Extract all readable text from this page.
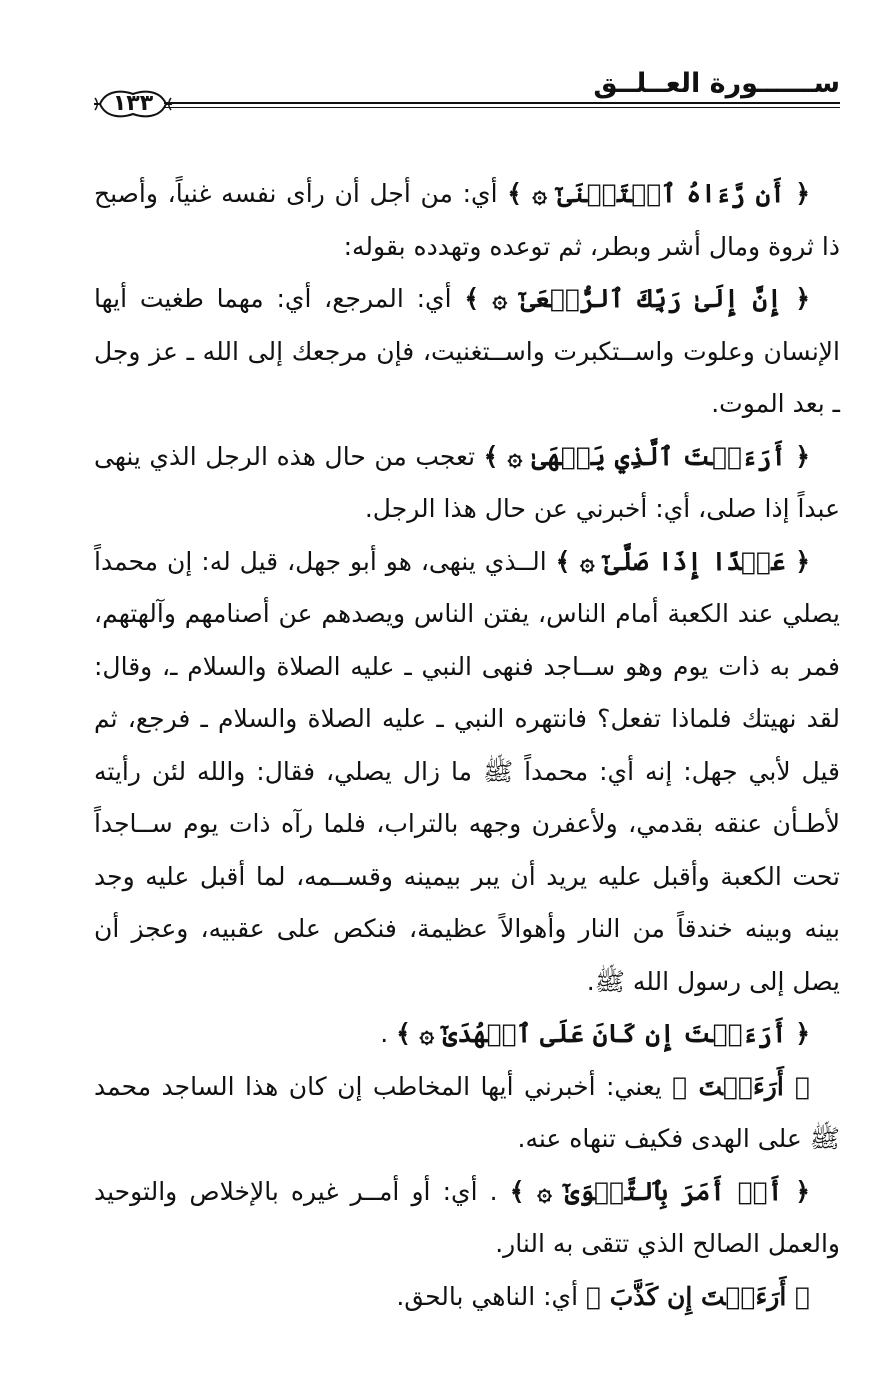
١٣٣
ســــــورة العــلــق

﴿ أَن رَّءَاهُ ٱسۡتَغۡنَىٰٓ ۞ ﴾ أي: من أجل أن رأى نفسه غنياً، وأصبح ذا ثروة ومال أشر وبطر، ثم توعده وتهدده بقوله:

﴿ إِنَّ إِلَىٰ رَبِّكَ ٱلرُّجۡعَىٰٓ ۞ ﴾ أي: المرجع، أي: مهما طغيت أيها الإنسان وعلوت واســتكبرت واســتغنيت، فإن مرجعك إلى الله ـ عز وجل ـ بعد الموت.

﴿ أَرَءَيۡتَ ٱلَّذِي يَنۡهَىٰ ۞ ﴾ تعجب من حال هذه الرجل الذي ينهى عبداً إذا صلى، أي: أخبرني عن حال هذا الرجل.

﴿ عَبۡدًا إِذَا صَلَّىٰٓ ۞ ﴾ الــذي ينهى، هو أبو جهل، قيل له: إن محمداً يصلي عند الكعبة أمام الناس، يفتن الناس ويصدهم عن أصنامهم وآلهتهم، فمر به ذات يوم وهو ســاجد فنهى النبي ـ عليه الصلاة والسلام ـ، وقال: لقد نهيتك فلماذا تفعل؟ فانتهره النبي ـ عليه الصلاة والسلام ـ فرجع، ثم قيل لأبي جهل: إنه أي: محمداً ﷺ ما زال يصلي، فقال: والله لئن رأيته لأطـأن عنقه بقدمي، ولأعفرن وجهه بالتراب، فلما رآه ذات يوم ســاجداً تحت الكعبة وأقبل عليه يريد أن يبر بيمينه وقســمه، لما أقبل عليه وجد بينه وبينه خندقاً من النار وأهوالاً عظيمة، فنكص على عقبيه، وعجز أن يصل إلى رسول الله ﷺ.

﴿ أَرَءَيۡتَ إِن كَانَ عَلَى ٱلۡهُدَىٰٓ ۞ ﴾ .

﴿ أَرَءَيۡتَ ﴾ يعني: أخبرني أيها المخاطب إن كان هذا الساجد محمد ﷺ على الهدى فكيف تنهاه عنه.

﴿ أَوۡ أَمَرَ بِٱلتَّقۡوَىٰٓ ۞ ﴾ . أي: أو أمــر غيره بالإخلاص والتوحيد والعمل الصالح الذي تتقى به النار.

﴿ أَرَءَيۡتَ إِن كَذَّبَ ﴾ أي: الناهي بالحق.
